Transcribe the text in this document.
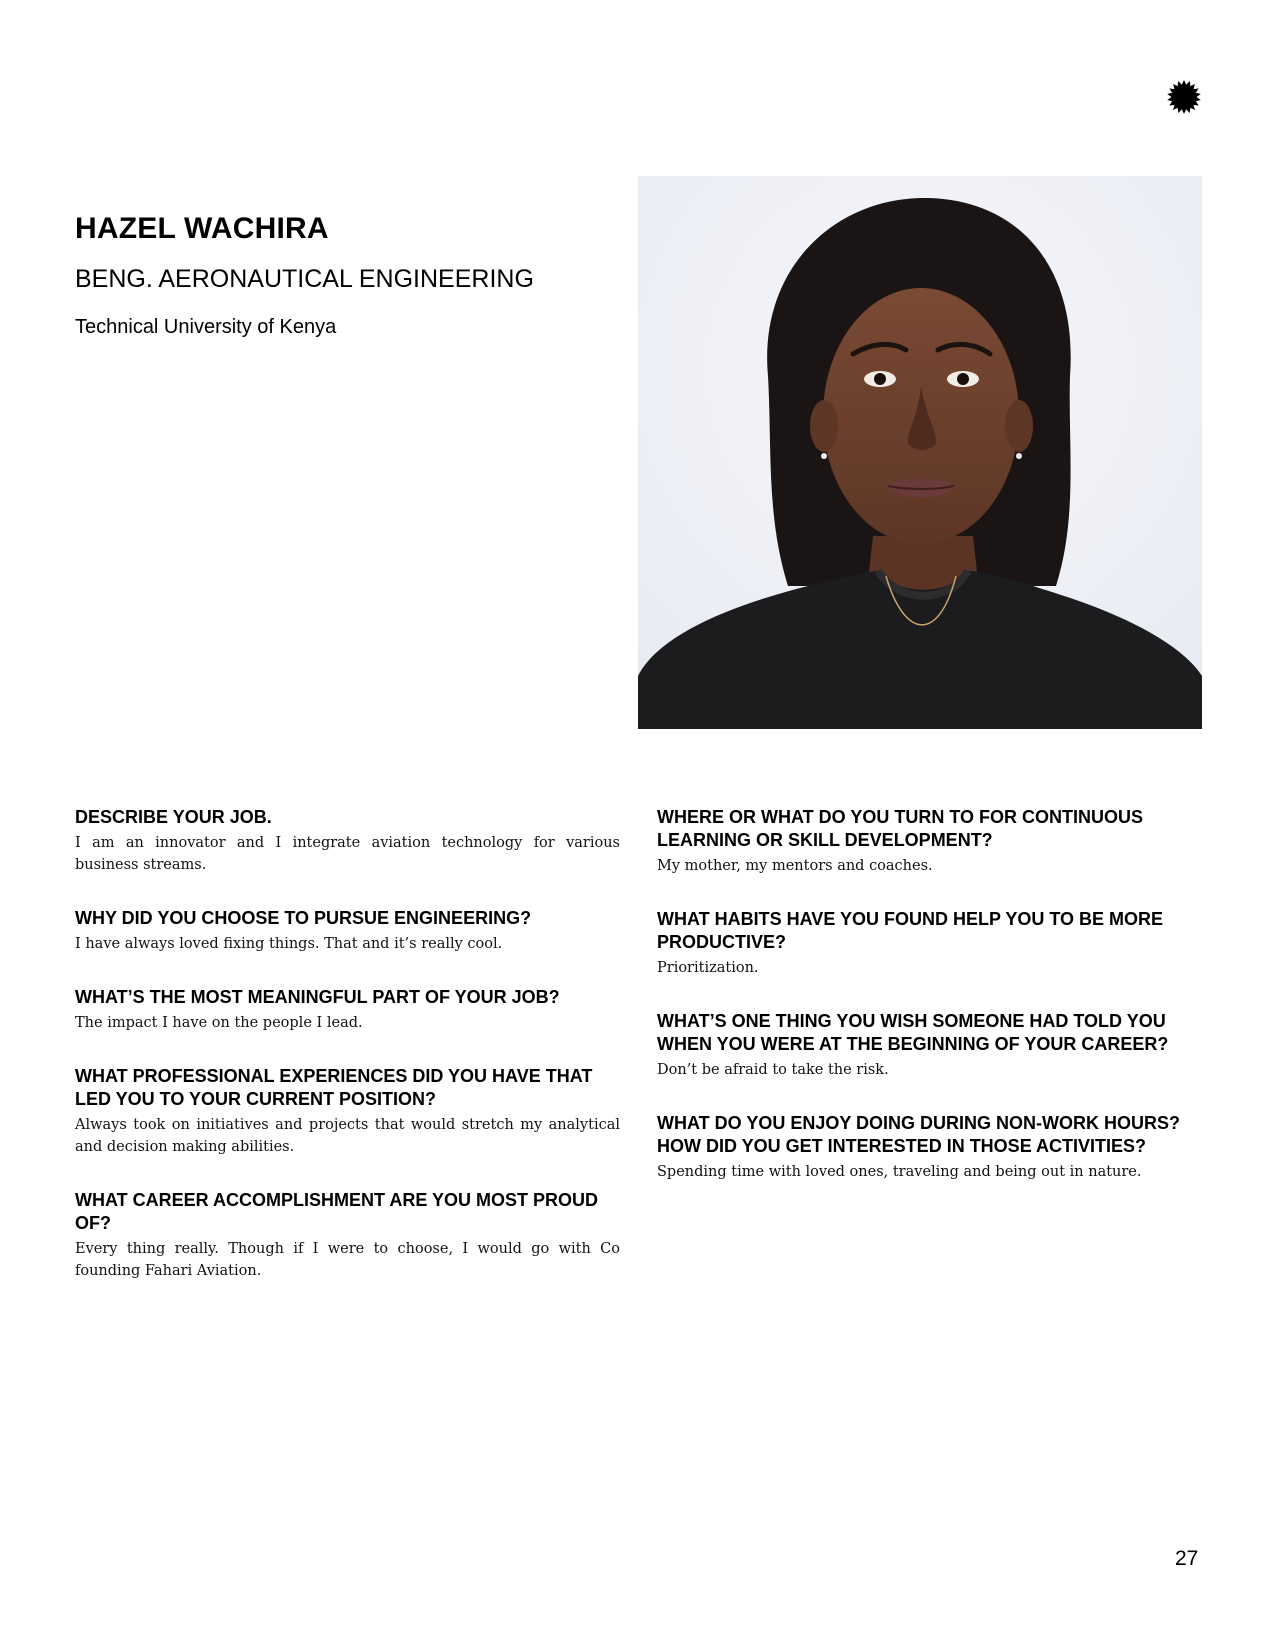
HAZEL WACHIRA
BENG. AERONAUTICAL ENGINEERING

Technical University of Kenya

DESCRIBE YOUR JOB.

I am an innovator and I integrate aviation technology for various business streams.

WHY DID YOU CHOOSE TO PURSUE ENGINEERING?

I have always loved fixing things. That and it’s really cool.

WHAT’S THE MOST MEANINGFUL PART OF YOUR JOB?

The impact I have on the people I lead.

WHAT PROFESSIONAL EXPERIENCES DID YOU HAVE THAT LED YOU TO YOUR CURRENT POSITION?

Always took on initiatives and projects that would stretch my analytical and decision making abilities.

WHAT CAREER ACCOMPLISHMENT ARE YOU MOST PROUD OF?

Every thing really. Though if I were to choose, I would go with Co founding Fahari Aviation.

WHERE OR WHAT DO YOU TURN TO FOR CONTINUOUS LEARNING OR SKILL DEVELOPMENT?

My mother, my mentors and coaches.

WHAT HABITS HAVE YOU FOUND HELP YOU TO BE MORE PRODUCTIVE?

Prioritization.

WHAT’S ONE THING YOU WISH SOMEONE HAD TOLD YOU WHEN YOU WERE AT THE BEGINNING OF YOUR CAREER?

Don’t be afraid to take the risk.

WHAT DO YOU ENJOY DOING DURING NON-WORK HOURS? HOW DID YOU GET INTERESTED IN THOSE ACTIVITIES?

Spending time with loved ones, traveling and being out in nature.

27
